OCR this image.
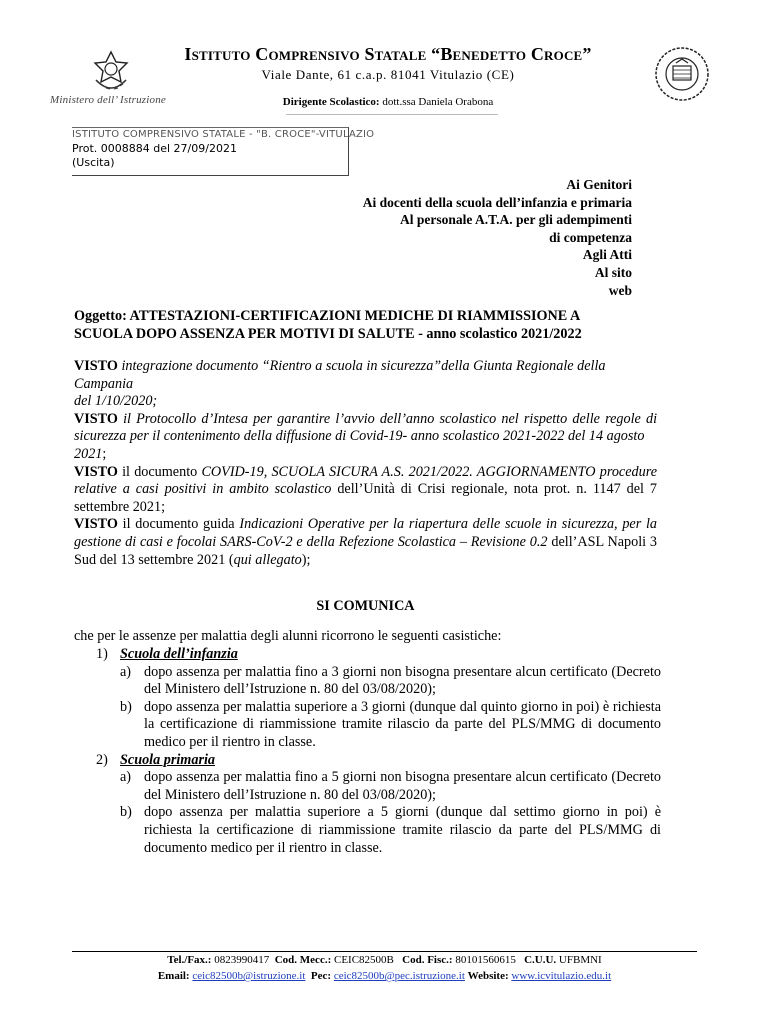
Ministero dell’ Istruzione
Istituto Comprensivo Statale “Benedetto Croce”
Viale Dante, 61 c.a.p. 81041 Vitulazio (CE)
Dirigente Scolastico: dott.ssa Daniela Orabona
ISTITUTO COMPRENSIVO STATALE - "B. CROCE"-VITULAZIO
Prot. 0008884 del 27/09/2021
(Uscita)
Ai Genitori
Ai docenti della scuola dell’infanzia e primaria
Al personale A.T.A. per gli adempimenti
di competenza
Agli Atti
Al sito
web
Oggetto: ATTESTAZIONI-CERTIFICAZIONI MEDICHE DI RIAMMISSIONE A
SCUOLA DOPO ASSENZA PER MOTIVI DI SALUTE - anno scolastico 2021/2022

VISTO integrazione documento “Rientro a scuola in sicurezza”della Giunta Regionale della Campania
del 1/10/2020;

VISTO il Protocollo d’Intesa per garantire l’avvio dell’anno scolastico nel rispetto delle regole di sicurezza per il contenimento della diffusione di Covid-19- anno scolastico 2021-2022 del 14 agosto
2021;

VISTO il documento COVID-19, SCUOLA SICURA A.S. 2021/2022. AGGIORNAMENTO procedure relative a casi positivi in ambito scolastico dell’Unità di Crisi regionale, nota prot. n. 1147 del 7 settembre 2021;

VISTO il documento guida Indicazioni Operative per la riapertura delle scuole in sicurezza, per la gestione di casi e focolai SARS-CoV-2 e della Refezione Scolastica – Revisione 0.2 dell’ASL Napoli 3 Sud del 13 settembre 2021 (qui allegato);

SI COMUNICA
che per le assenze per malattia degli alunni ricorrono le seguenti casistiche:
1) Scuola dell’infanzia
a) dopo assenza per malattia fino a 3 giorni non bisogna presentare alcun certificato (Decreto del Ministero dell’Istruzione n. 80 del 03/08/2020);
b) dopo assenza per malattia superiore a 3 giorni (dunque dal quinto giorno in poi) è richiesta la certificazione di riammissione tramite rilascio da parte del PLS/MMG di documento medico per il rientro in classe.
2) Scuola primaria
a) dopo assenza per malattia fino a 5 giorni non bisogna presentare alcun certificato (Decreto del Ministero dell’Istruzione n. 80 del 03/08/2020);
b) dopo assenza per malattia superiore a 5 giorni (dunque dal settimo giorno in poi) è richiesta la certificazione di riammissione tramite rilascio da parte del PLS/MMG di documento medico per il rientro in classe.
Tel./Fax.: 0823990417 Cod. Mecc.: CEIC82500B Cod. Fisc.: 80101560615 C.U.U. UFBMNI
Email: ceic82500b@istruzione.it Pec: ceic82500b@pec.istruzione.it Website: www.icvitulazio.edu.it
